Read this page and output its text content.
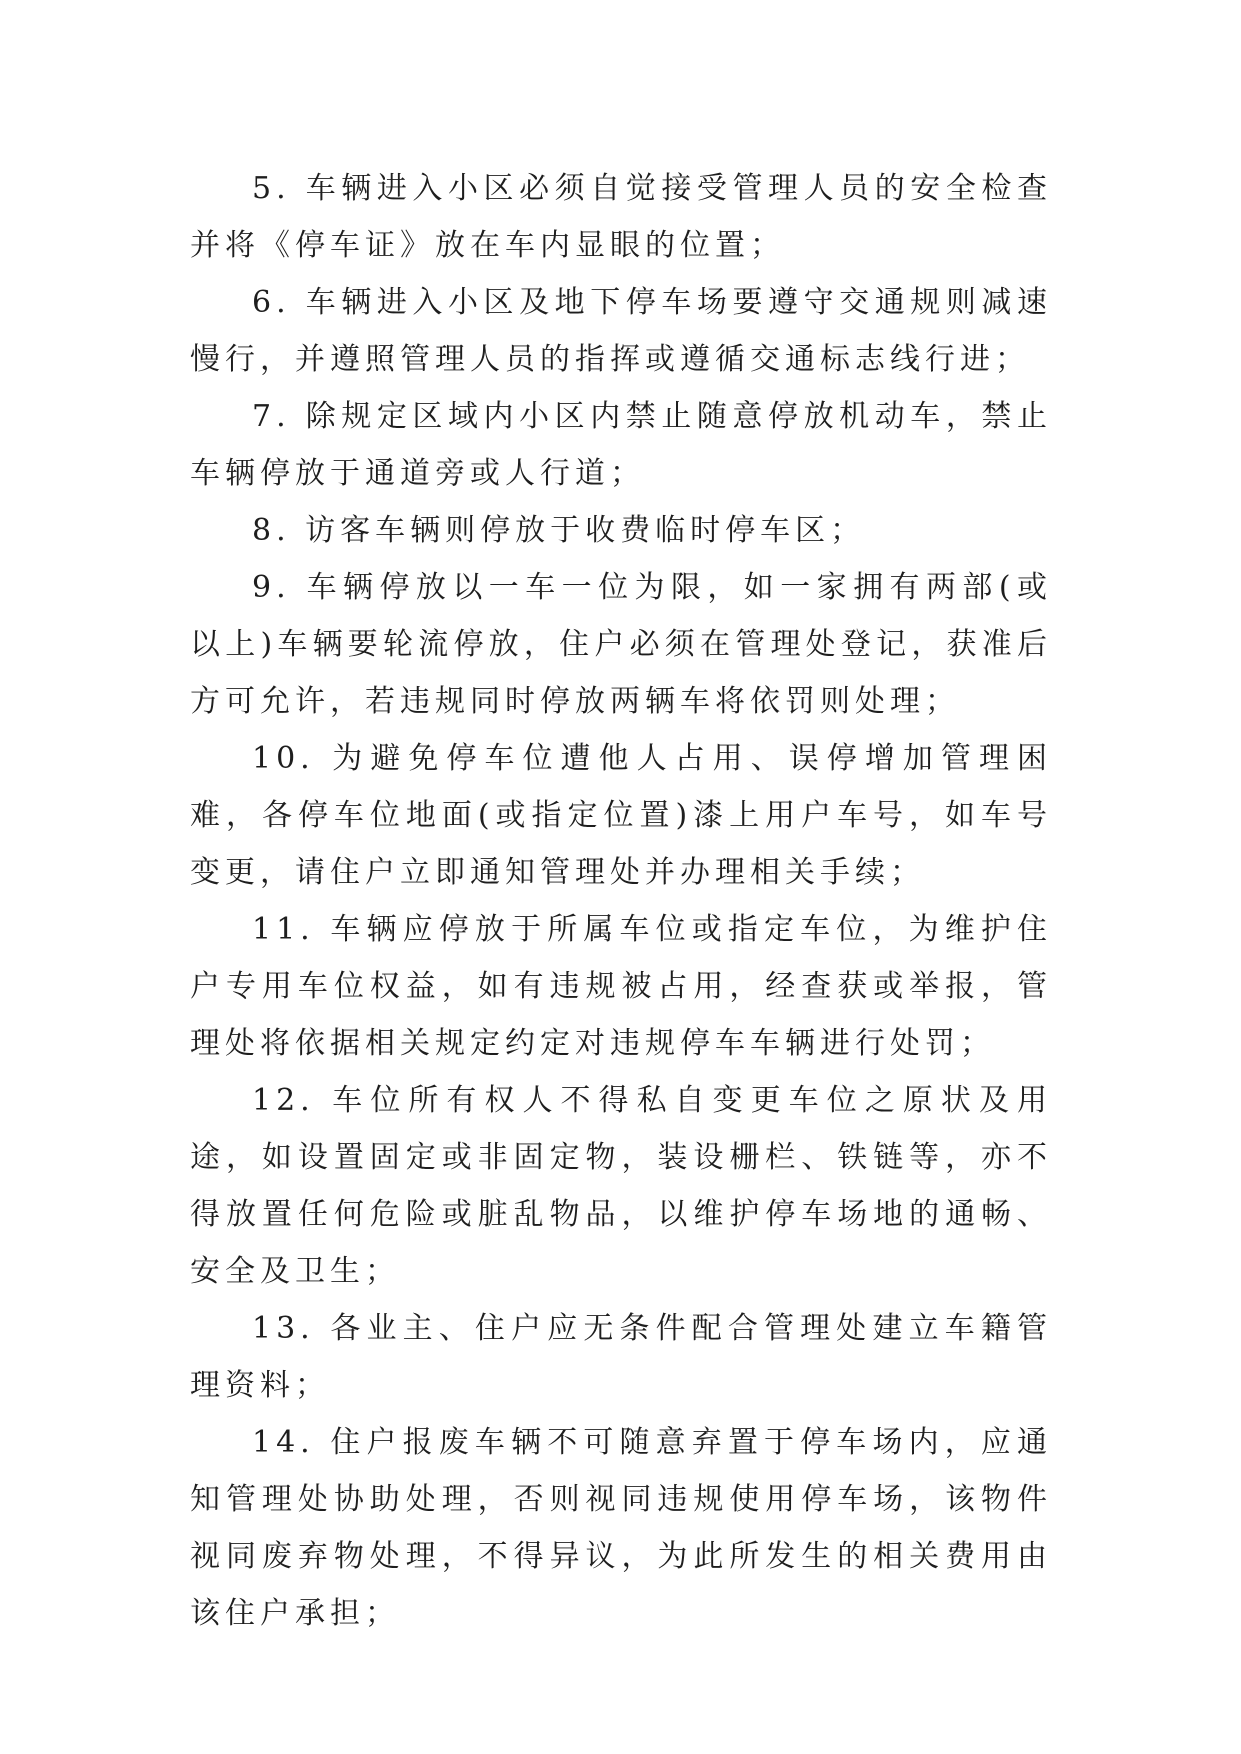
5. 车辆进入小区必须自觉接受管理人员的安全检查并将《停车证》放在车内显眼的位置；

6. 车辆进入小区及地下停车场要遵守交通规则减速慢行，并遵照管理人员的指挥或遵循交通标志线行进；

7. 除规定区域内小区内禁止随意停放机动车，禁止车辆停放于通道旁或人行道；

8. 访客车辆则停放于收费临时停车区；

9. 车辆停放以一车一位为限，如一家拥有两部(或以上)车辆要轮流停放，住户必须在管理处登记，获准后方可允许，若违规同时停放两辆车将依罚则处理；

10. 为避免停车位遭他人占用、误停增加管理困难，各停车位地面(或指定位置)漆上用户车号，如车号变更，请住户立即通知管理处并办理相关手续；

11. 车辆应停放于所属车位或指定车位，为维护住户专用车位权益，如有违规被占用，经查获或举报，管理处将依据相关规定约定对违规停车车辆进行处罚；

12. 车位所有权人不得私自变更车位之原状及用途，如设置固定或非固定物，装设栅栏、铁链等，亦不得放置任何危险或脏乱物品，以维护停车场地的通畅、安全及卫生；

13. 各业主、住户应无条件配合管理处建立车籍管理资料；

14. 住户报废车辆不可随意弃置于停车场内，应通知管理处协助处理，否则视同违规使用停车场，该物件视同废弃物处理，不得异议，为此所发生的相关费用由该住户承担；
